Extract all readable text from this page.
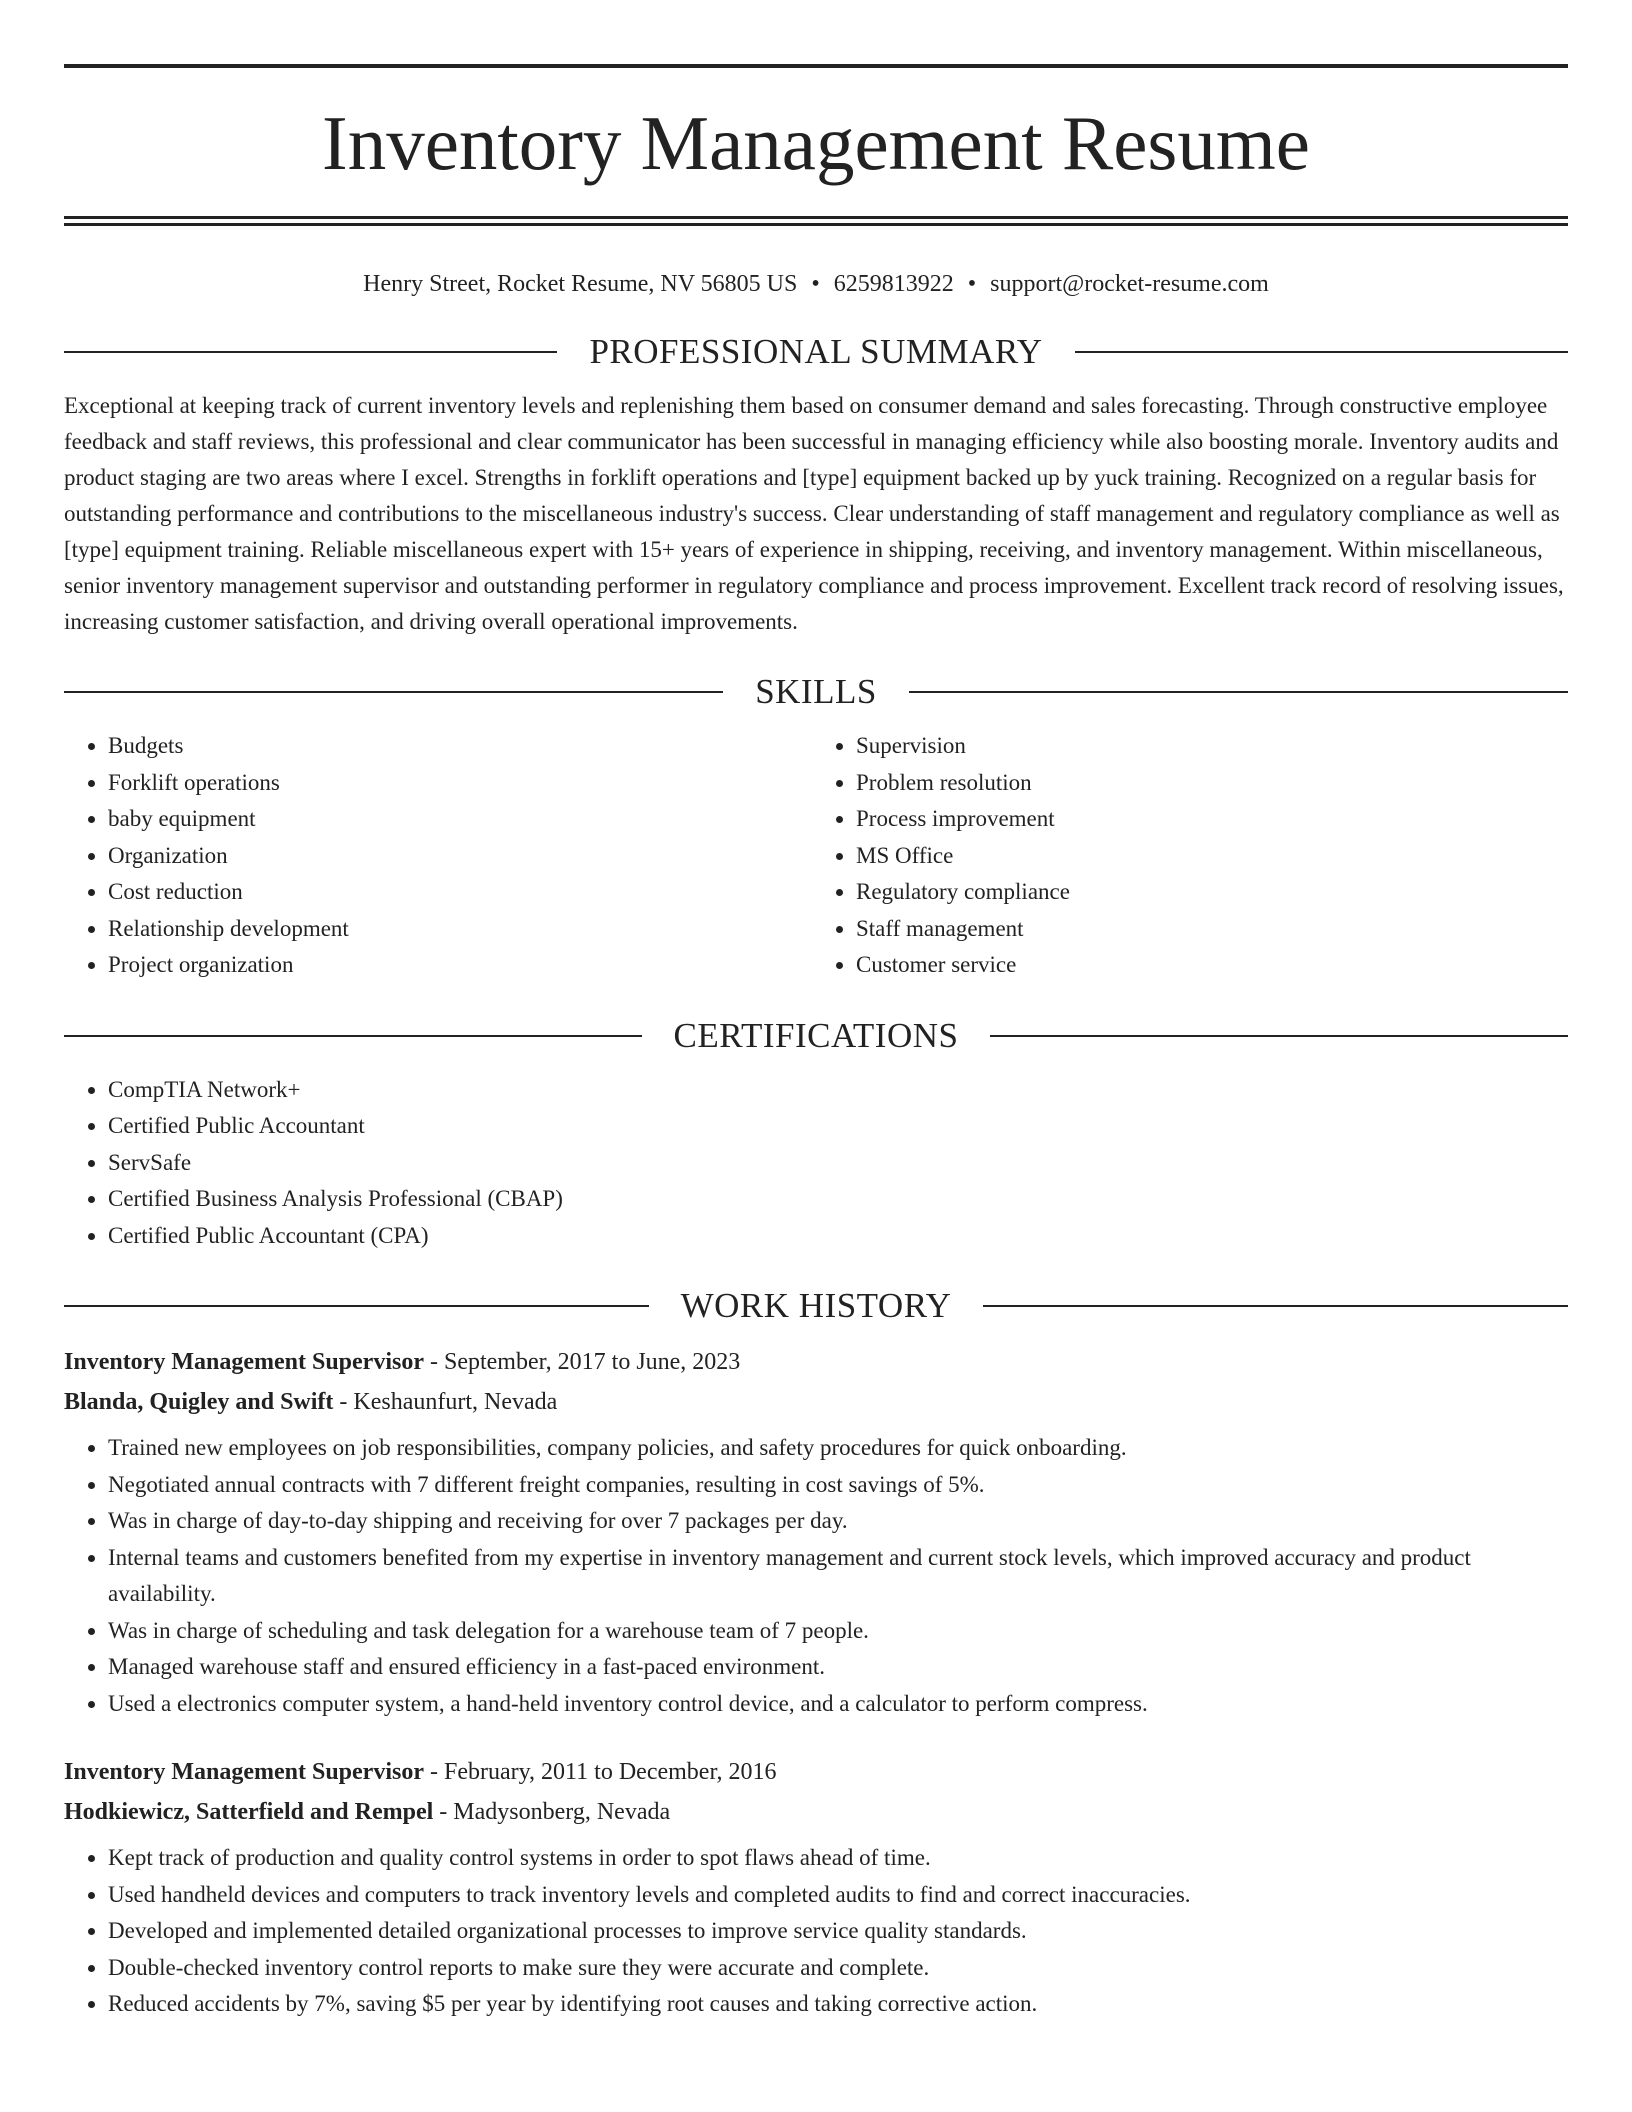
Inventory Management Resume
Henry Street, Rocket Resume, NV 56805 US • 6259813922 • support@rocket-resume.com
PROFESSIONAL SUMMARY

Exceptional at keeping track of current inventory levels and replenishing them based on consumer demand and sales forecasting. Through constructive employee feedback and staff reviews, this professional and clear communicator has been successful in managing efficiency while also boosting morale. Inventory audits and product staging are two areas where I excel. Strengths in forklift operations and [type] equipment backed up by yuck training. Recognized on a regular basis for outstanding performance and contributions to the miscellaneous industry's success. Clear understanding of staff management and regulatory compliance as well as [type] equipment training. Reliable miscellaneous expert with 15+ years of experience in shipping, receiving, and inventory management. Within miscellaneous, senior inventory management supervisor and outstanding performer in regulatory compliance and process improvement. Excellent track record of resolving issues, increasing customer satisfaction, and driving overall operational improvements.

SKILLS
• Budgets
• Forklift operations
• baby equipment
• Organization
• Cost reduction
• Relationship development
• Project organization
• Supervision
• Problem resolution
• Process improvement
• MS Office
• Regulatory compliance
• Staff management
• Customer service
CERTIFICATIONS
• CompTIA Network+
• Certified Public Accountant
• ServSafe
• Certified Business Analysis Professional (CBAP)
• Certified Public Accountant (CPA)
WORK HISTORY
Inventory Management Supervisor - September, 2017 to June, 2023
Blanda, Quigley and Swift - Keshaunfurt, Nevada
• Trained new employees on job responsibilities, company policies, and safety procedures for quick onboarding.
• Negotiated annual contracts with 7 different freight companies, resulting in cost savings of 5%.
• Was in charge of day-to-day shipping and receiving for over 7 packages per day.
• Internal teams and customers benefited from my expertise in inventory management and current stock levels, which improved accuracy and product availability.
• Was in charge of scheduling and task delegation for a warehouse team of 7 people.
• Managed warehouse staff and ensured efficiency in a fast-paced environment.
• Used a electronics computer system, a hand-held inventory control device, and a calculator to perform compress.
Inventory Management Supervisor - February, 2011 to December, 2016
Hodkiewicz, Satterfield and Rempel - Madysonberg, Nevada
• Kept track of production and quality control systems in order to spot flaws ahead of time.
• Used handheld devices and computers to track inventory levels and completed audits to find and correct inaccuracies.
• Developed and implemented detailed organizational processes to improve service quality standards.
• Double-checked inventory control reports to make sure they were accurate and complete.
• Reduced accidents by 7%, saving $5 per year by identifying root causes and taking corrective action.
